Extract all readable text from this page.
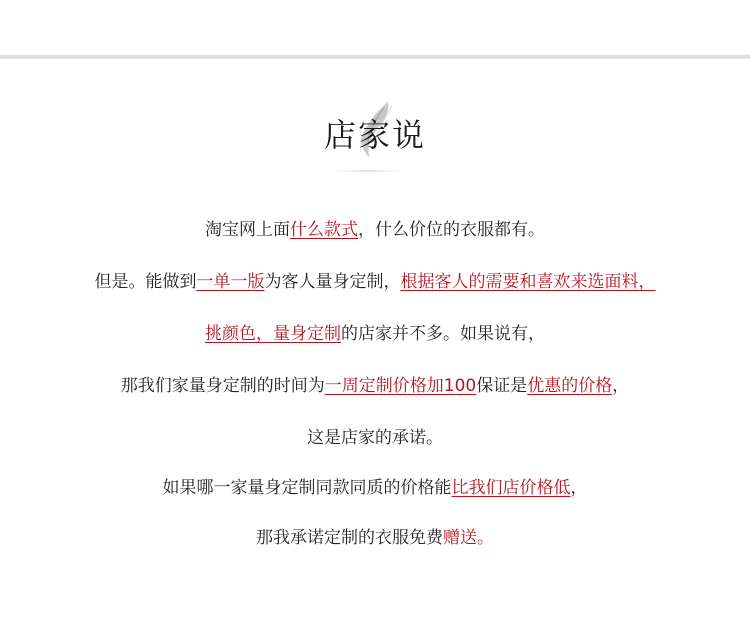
店家说
淘宝网上面什么款式，什么价位的衣服都有。
但是。能做到一单一版为客人量身定制，根据客人的需要和喜欢来选面料，
挑颜色，量身定制的店家并不多。如果说有，
那我们家量身定制的时间为一周定制价格加100保证是优惠的价格，
这是店家的承诺。
如果哪一家量身定制同款同质的价格能比我们店价格低，
那我承诺定制的衣服免费赠送。
